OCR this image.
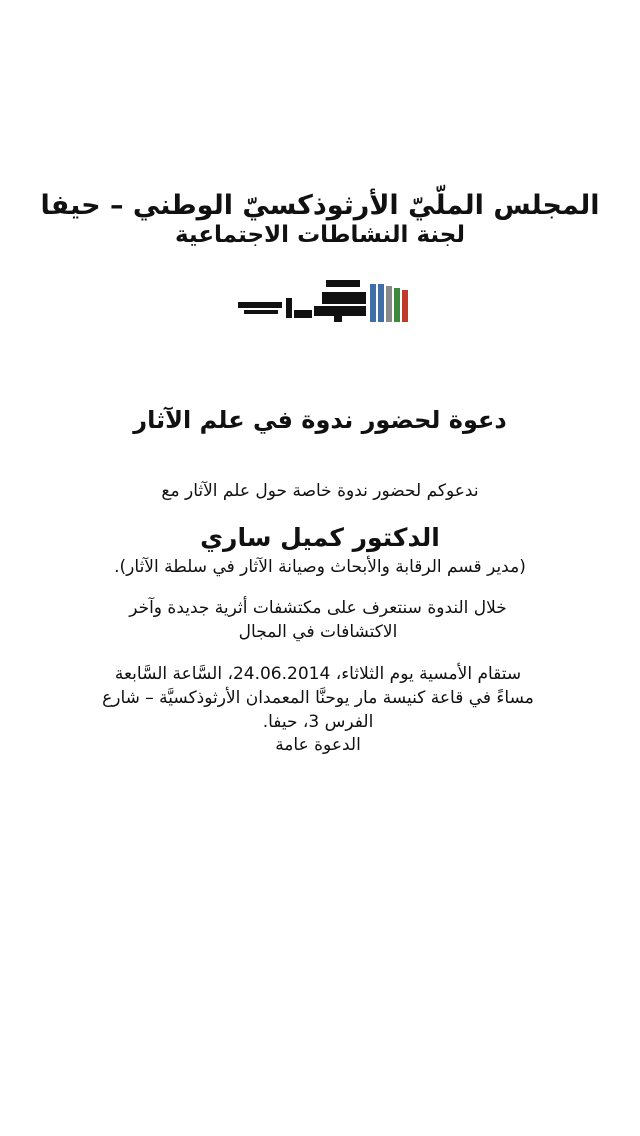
المجلس الملّيّ الأرثوذكسيّ الوطني – حيفا
لجنة النشاطات الاجتماعية
دعوة لحضور ندوة في علم الآثار
ندعوكم لحضور ندوة خاصة حول علم الآثار مع
الدكتور كميل ساري
(مدير قسم الرقابة والأبحاث وصيانة الآثار في سلطة الآثار).
خلال الندوة سنتعرف على مكتشفات أثرية جديدة وآخر الاكتشافات في المجال
ستقام الأمسية يوم الثلاثاء، 24.06.2014، السَّاعة السَّابعة مساءً في قاعة كنيسة مار يوحنَّا المعمدان الأرثوذكسيَّة – شارع الفرس 3، حيفا.
الدعوة عامة
